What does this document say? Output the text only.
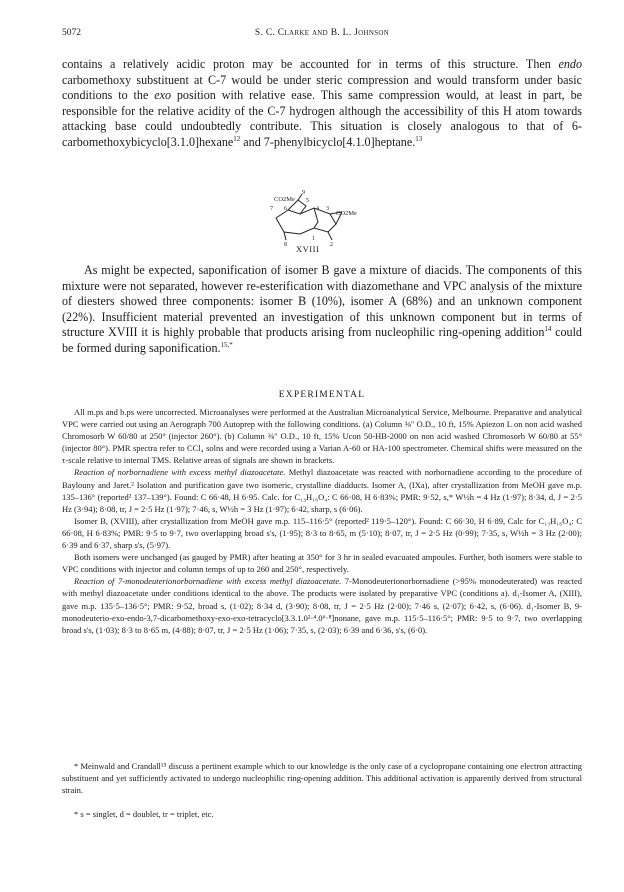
5072	S. C. Clarke and B. L. Johnson
contains a relatively acidic proton may be accounted for in terms of this structure. Then endo carbomethoxy substituent at C-7 would be under steric compression and would transform under basic conditions to the exo position with relative ease. This same compression would, at least in part, be responsible for the relative acidity of the C-7 hydrogen although the accessibility of this H atom towards attacking base could undoubtedly contribute. This situation is closely analogous to that of 6-carbomethoxybicyclo[3.1.0]hexane$^{12}$ and 7-phenylbicyclo[4.1.0]heptane.$^{13}$
9
CO2Me
7 6
5
4 3
CO2Me
8
1
2
XVIII
As might be expected, saponification of isomer B gave a mixture of diacids. The components of this mixture were not separated, however re-esterification with diazomethane and VPC analysis of the mixture of diesters showed three components: isomer B (10%), isomer A (68%) and an unknown component (22%). Insufficient material prevented an investigation of this unknown component but in terms of structure XVIII it is highly probable that products arising from nucleophilic ring-opening addition$^{14}$ could be formed during saponification.$^{15,*}$
EXPERIMENTAL

All m.ps and b.ps were uncorrected. Microanalyses were performed at the Australian Microanalytical Service, Melbourne. Preparative and analytical VPC were carried out using an Aerograph 700 Autoprep with the following conditions. (a) Column ⅜" O.D., 10 ft, 15% Apiezon L on non acid washed Chromosorb W 60/80 at 250° (injector 260°). (b) Column ⅜" O.D., 10 ft, 15% Ucon 50-HB-2000 on non acid washed Chromosorb W 60/80 at 55° (injector 80°). PMR spectra refer to CCl₄ solns and were recorded using a Varian A-60 or HA-100 spectrometer. Chemical shifts were measured on the τ-scale relative to internal TMS. Relative areas of signals are shown in brackets.

Reaction of norbornadiene with excess methyl diazoacetate. Methyl diazoacetate was reacted with norbornadiene according to the procedure of Baylouny and Jaret.² Isolation and purification gave two isomeric, crystalline diadducts. Isomer A, (IXa), after crystallization from MeOH gave m.p. 135–136° (reported² 137–139°). Found: C 66·48, H 6·95. Calc. for C₁₃H₁₆O₄: C 66·08, H 6·83%; PMR: 9·52, s,* W½h = 4 Hz (1·97); 8·34, d, J = 2·5 Hz (3·94); 8·08, tr, J = 2·5 Hz (1·97); 7·46, s, W½h = 3 Hz (1·97); 6·42, sharp, s (6·06).

Isomer B, (XVIII), after crystallization from MeOH gave m.p. 115–116·5° (reported² 119·5–120°). Found: C 66·30, H 6·89, Calc for C₁₃H₁₆O₄: C 66·08, H 6·83%; PMR: 9·5 to 9·7, two overlapping broad s's, (1·95); 8·3 to 8·65, m (5·10); 8·07, tr, J = 2·5 Hz (0·99); 7·35, s, W½h = 3 Hz (2·00); 6·39 and 6·37, sharp s's, (5·97).

Both isomers were unchanged (as gauged by PMR) after heating at 350° for 3 hr in sealed evacuated ampoules. Further, both isomers were stable to VPC conditions with injector and column temps of up to 260 and 250°, respectively.

Reaction of 7-monodeuterionorbornadiene with excess methyl diazoacetate. 7-Monodeuterionorbornadiene (>95% monodeuterated) was reacted with methyl diazoacetate under conditions identical to the above. The products were isolated by preparative VPC (conditions a). d₁-Isomer A, (XIII), gave m.p. 135·5–136·5°; PMR: 9·52, broad s, (1·02); 8·34 d, (3·90); 8·08, tr, J = 2·5 Hz (2·00); 7·46 s, (2·07); 6·42, s, (6·06). d₁-Isomer B, 9-monodeuterio-exo-endo-3,7-dicarbomethoxy-exo-exo-tetracyclo[3.3.1.0²·⁴.0⁶·⁸]nonane, gave m.p. 115·5–116·5°; PMR: 9·5 to 9·7, two overlapping broad s's, (1·03); 8·3 to 8·65 m, (4·88); 8·07, tr, J = 2·5 Hz (1·06); 7·35, s, (2·03); 6·39 and 6·36, s's, (6·0).

* Meinwald and Crandall¹⁵ discuss a pertinent example which to our knowledge is the only case of a cyclopropane containing one electron attracting substituent and yet sufficiently activated to undergo nucleophilic ring-opening addition. This additional activation is apparently derived from structural strain.
* s = singlet, d = doublet, tr = triplet, etc.
